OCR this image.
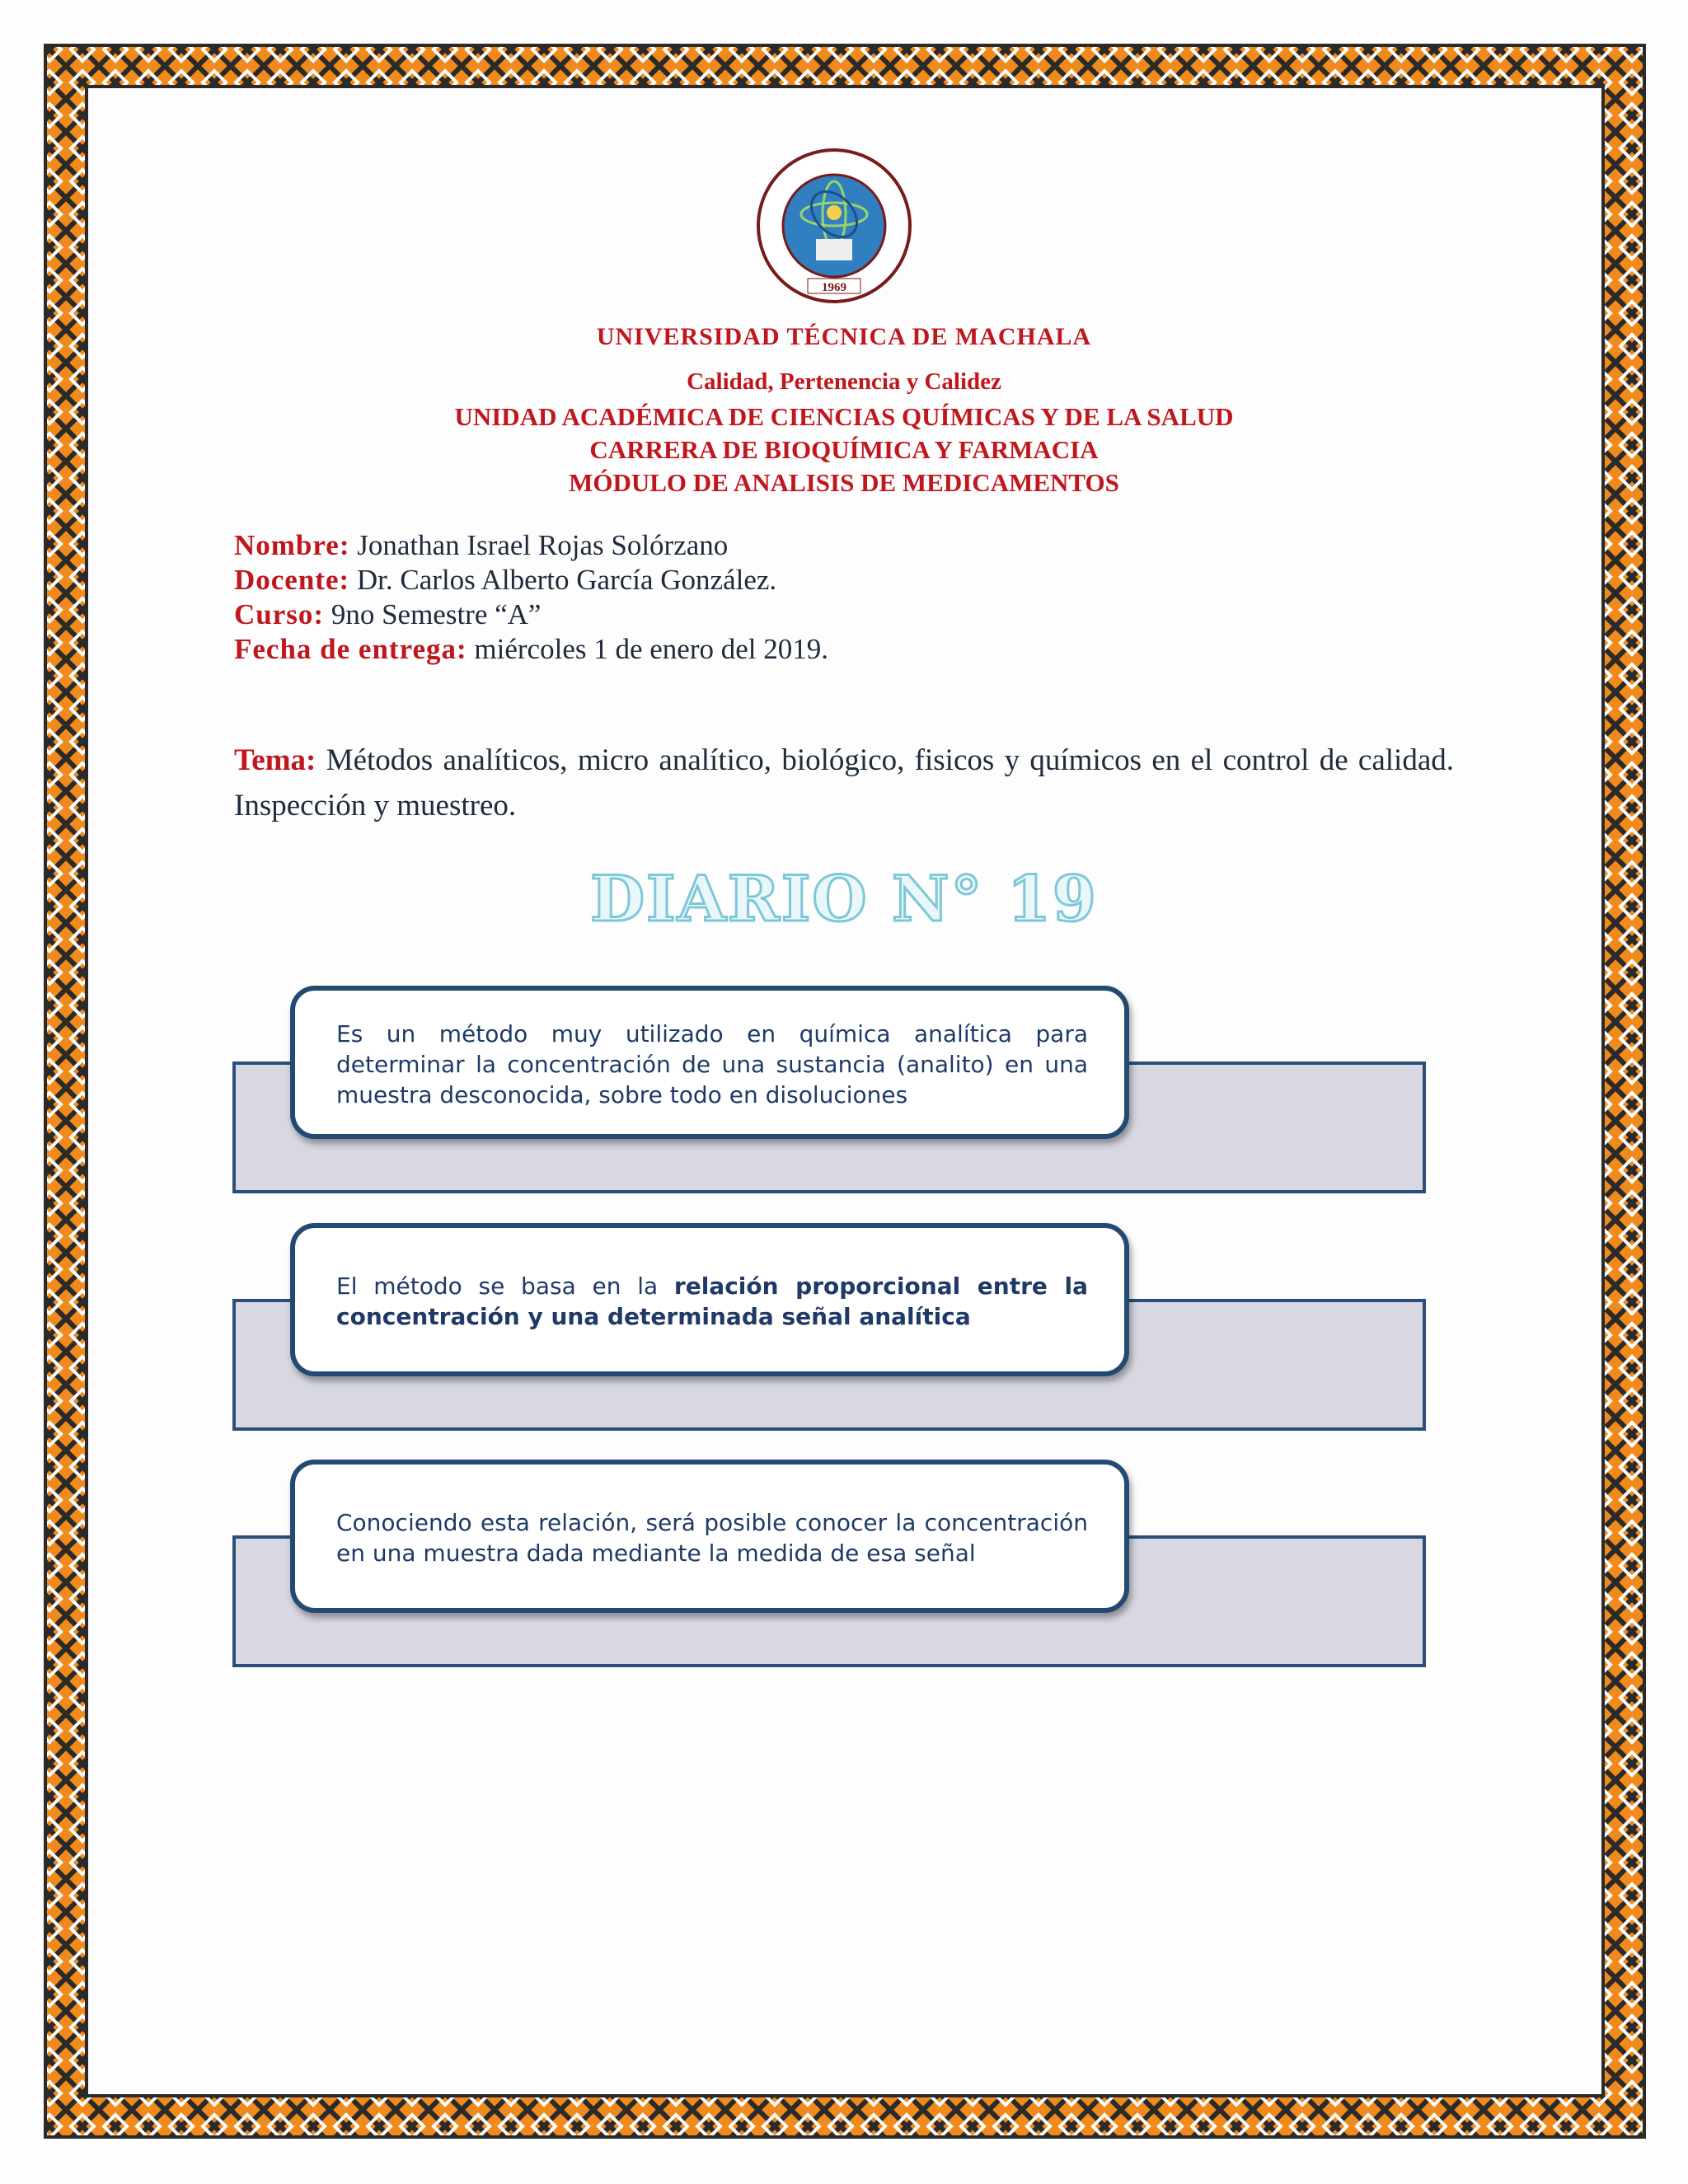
1969
UNIVERSIDAD TÉCNICA DE MACHALA
Calidad, Pertenencia y Calidez
UNIDAD ACADÉMICA DE CIENCIAS QUÍMICAS Y DE LA SALUD
CARRERA DE BIOQUÍMICA Y FARMACIA
MÓDULO DE ANALISIS DE MEDICAMENTOS
Nombre: Jonathan Israel Rojas Solórzano
Docente: Dr. Carlos Alberto García González.
Curso: 9no Semestre “A”
Fecha de entrega: miércoles 1 de enero del 2019.
Tema: Métodos analíticos, micro analítico, biológico, fisicos y químicos en el control de calidad. Inspección y muestreo.
DIARIO N° 19
Es un método muy utilizado en química analítica para determinar la concentración de una sustancia (analito) en una muestra desconocida, sobre todo en disoluciones
El método se basa en la relación proporcional entre la concentración y una determinada señal analítica
Conociendo esta relación, será posible conocer la concentración en una muestra dada mediante la medida de esa señal
